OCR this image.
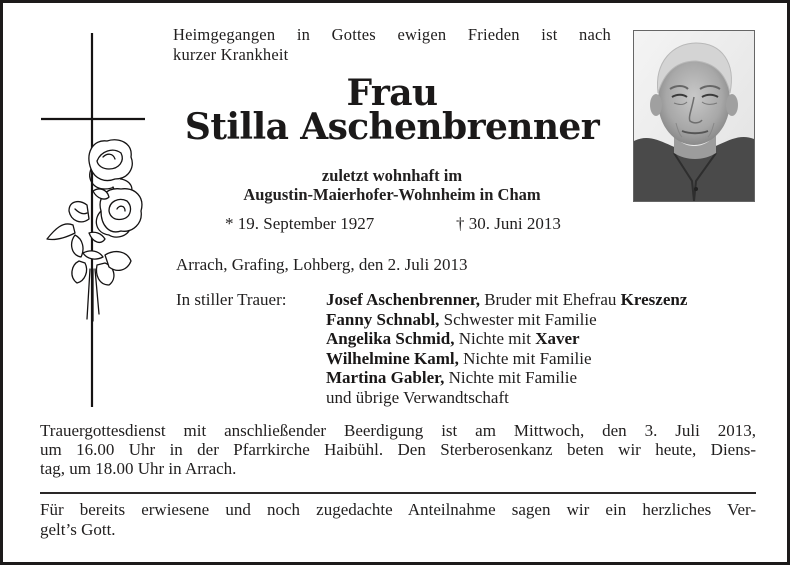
Heimgegangen in Gottes ewigen Frieden ist nach
kurzer Krankheit
Frau
Stilla Aschenbrenner
zuletzt wohnhaft im
Augustin-Maierhofer-Wohnheim in Cham
* 19. September 1927	† 30. Juni 2013
Arrach, Grafing, Lohberg, den 2. Juli 2013
In stiller Trauer: Josef Aschenbrenner, Bruder mit Ehefrau Kreszenz
Fanny Schnabl, Schwester mit Familie
Angelika Schmid, Nichte mit Xaver
Wilhelmine Kaml, Nichte mit Familie
Martina Gabler, Nichte mit Familie
und übrige Verwandtschaft
Trauergottesdienst mit anschließender Beerdigung ist am Mittwoch, den 3. Juli 2013,
um 16.00 Uhr in der Pfarrkirche Haibühl. Den Sterberosenkanz beten wir heute, Diens-
tag, um 18.00 Uhr in Arrach.
Für bereits erwiesene und noch zugedachte Anteilnahme sagen wir ein herzliches Ver-
gelt’s Gott.
